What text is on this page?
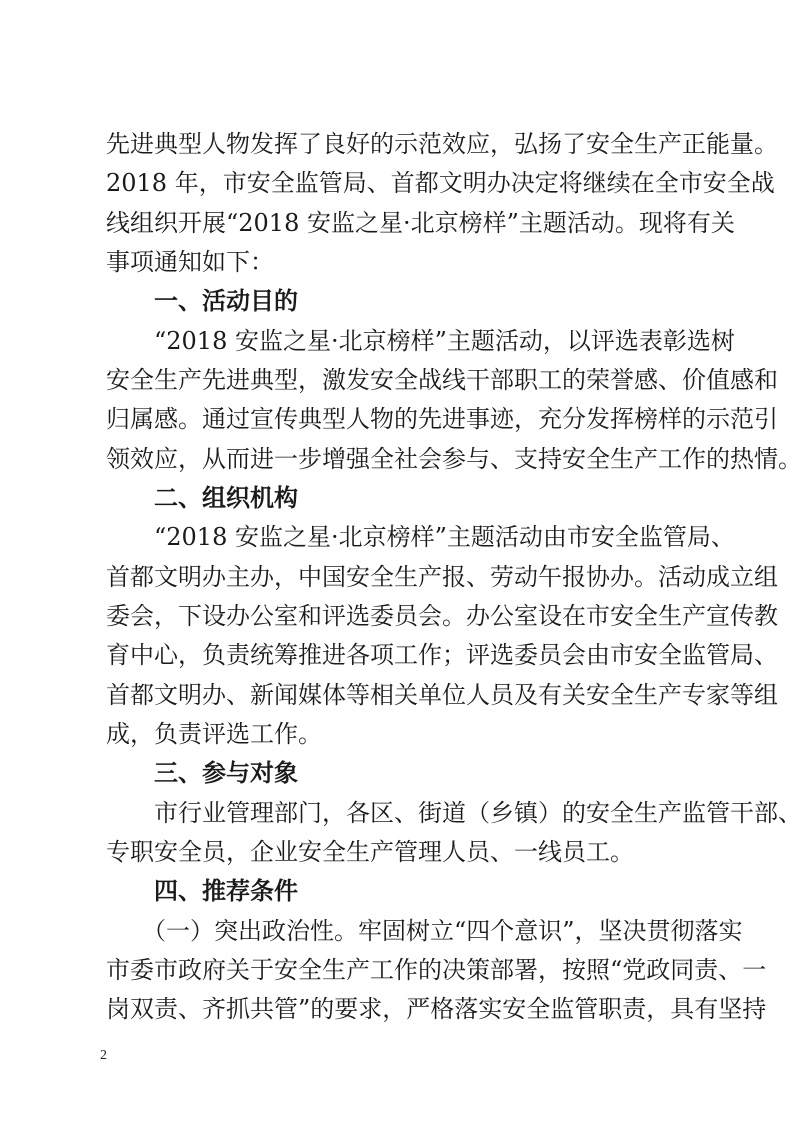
先进典型人物发挥了良好的示范效应，弘扬了安全生产正能量。
2018 年，市安全监管局、首都文明办决定将继续在全市安全战
线组织开展“2018 安监之星·北京榜样”主题活动。现将有关
事项通知如下：
　　一、活动目的
　　“2018 安监之星·北京榜样”主题活动，以评选表彰选树
安全生产先进典型，激发安全战线干部职工的荣誉感、价值感和
归属感。通过宣传典型人物的先进事迹，充分发挥榜样的示范引
领效应，从而进一步增强全社会参与、支持安全生产工作的热情。
　　二、组织机构
　　“2018 安监之星·北京榜样”主题活动由市安全监管局、
首都文明办主办，中国安全生产报、劳动午报协办。活动成立组
委会，下设办公室和评选委员会。办公室设在市安全生产宣传教
育中心，负责统筹推进各项工作；评选委员会由市安全监管局、
首都文明办、新闻媒体等相关单位人员及有关安全生产专家等组
成，负责评选工作。
　　三、参与对象
　　市行业管理部门，各区、街道（乡镇）的安全生产监管干部、
专职安全员，企业安全生产管理人员、一线员工。
　　四、推荐条件
　　（一）突出政治性。牢固树立“四个意识”，坚决贯彻落实
市委市政府关于安全生产工作的决策部署，按照“党政同责、一
岗双责、齐抓共管”的要求，严格落实安全监管职责，具有坚持
2
